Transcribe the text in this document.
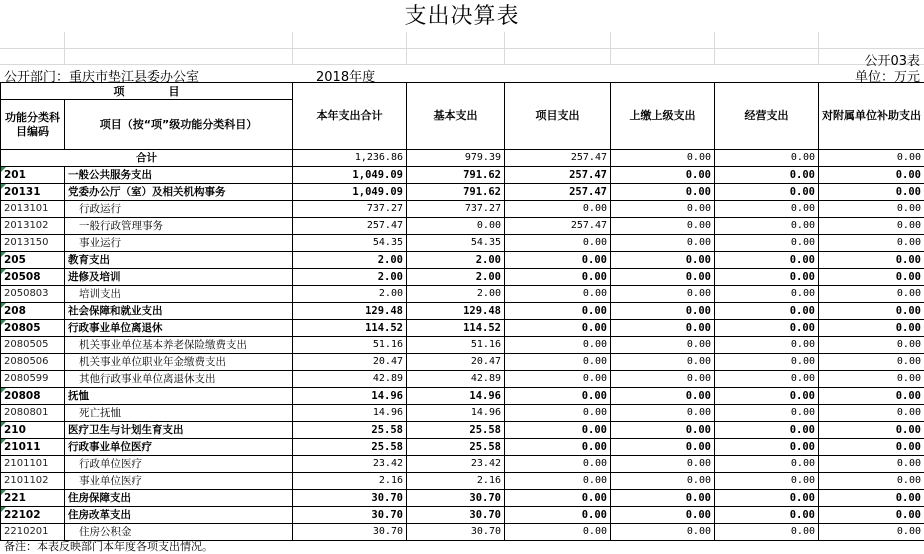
支出决算表
公开03表
公开部门：重庆市垫江县委办公室	2018年度	单位：万元
项　　　　目		本年支出合计	基本支出	项目支出	上缴上级支出	经营支出	对附属单位补助支出
功能分类科目编码	项目（按“项”级功能分类科目）						
合计		1,236.86	979.39	257.47	0.00	0.00	0.00
201	一般公共服务支出	1,049.09	791.62	257.47	0.00	0.00	0.00
20131	党委办公厅（室）及相关机构事务	1,049.09	791.62	257.47	0.00	0.00	0.00
2013101	行政运行	737.27	737.27	0.00	0.00	0.00	0.00
2013102	一般行政管理事务	257.47	0.00	257.47	0.00	0.00	0.00
2013150	事业运行	54.35	54.35	0.00	0.00	0.00	0.00
205	教育支出	2.00	2.00	0.00	0.00	0.00	0.00
20508	进修及培训	2.00	2.00	0.00	0.00	0.00	0.00
2050803	培训支出	2.00	2.00	0.00	0.00	0.00	0.00
208	社会保障和就业支出	129.48	129.48	0.00	0.00	0.00	0.00
20805	行政事业单位离退休	114.52	114.52	0.00	0.00	0.00	0.00
2080505	机关事业单位基本养老保险缴费支出	51.16	51.16	0.00	0.00	0.00	0.00
2080506	机关事业单位职业年金缴费支出	20.47	20.47	0.00	0.00	0.00	0.00
2080599	其他行政事业单位离退休支出	42.89	42.89	0.00	0.00	0.00	0.00
20808	抚恤	14.96	14.96	0.00	0.00	0.00	0.00
2080801	死亡抚恤	14.96	14.96	0.00	0.00	0.00	0.00
210	医疗卫生与计划生育支出	25.58	25.58	0.00	0.00	0.00	0.00
21011	行政事业单位医疗	25.58	25.58	0.00	0.00	0.00	0.00
2101101	行政单位医疗	23.42	23.42	0.00	0.00	0.00	0.00
2101102	事业单位医疗	2.16	2.16	0.00	0.00	0.00	0.00
221	住房保障支出	30.70	30.70	0.00	0.00	0.00	0.00
22102	住房改革支出	30.70	30.70	0.00	0.00	0.00	0.00
2210201	住房公积金	30.70	30.70	0.00	0.00	0.00	0.00
备注：本表反映部门本年度各项支出情况。
